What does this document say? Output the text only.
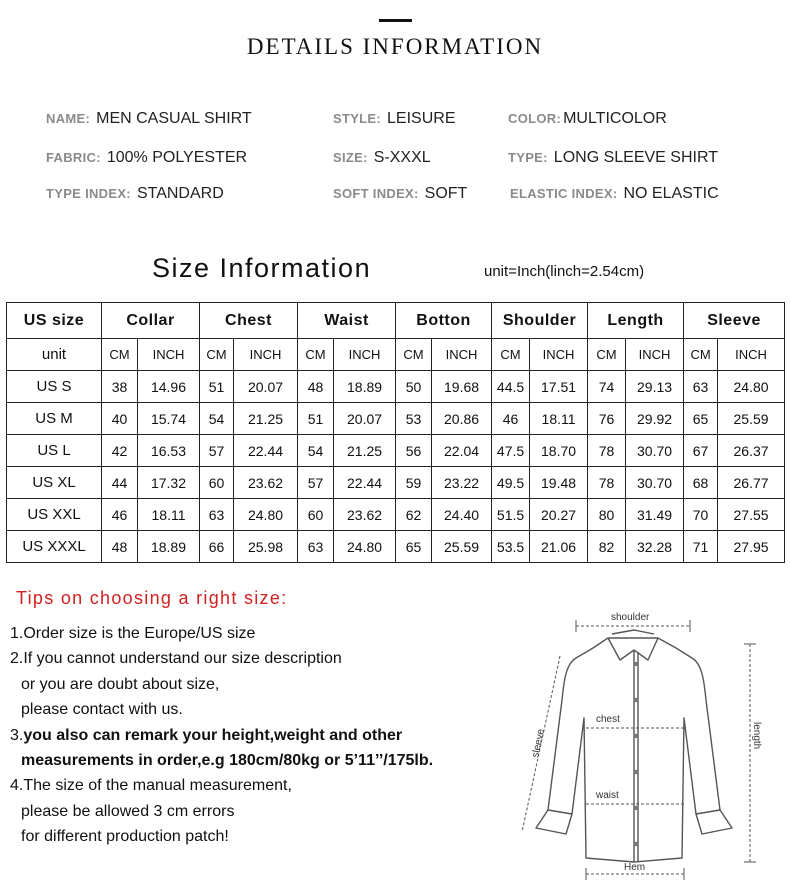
DETAILS INFORMATION
NAME: MEN CASUAL SHIRT	STYLE: LEISURE	COLOR: MULTICOLOR
FABRIC: 100% POLYESTER	SIZE: S-XXXL	TYPE: LONG SLEEVE SHIRT
TYPE INDEX: STANDARD	SOFT INDEX: SOFT	ELASTIC INDEX: NO ELASTIC
Size Information	unit=Inch(linch=2.54cm)
US size	Collar		Chest		Waist		Botton		Shoulder		Length		Sleeve	
unit	CM	INCH	CM	INCH	CM	INCH	CM	INCH	CM	INCH	CM	INCH	CM	INCH
US S	38	14.96	51	20.07	48	18.89	50	19.68	44.5	17.51	74	29.13	63	24.80
US M	40	15.74	54	21.25	51	20.07	53	20.86	46	18.11	76	29.92	65	25.59
US L	42	16.53	57	22.44	54	21.25	56	22.04	47.5	18.70	78	30.70	67	26.37
US XL	44	17.32	60	23.62	57	22.44	59	23.22	49.5	19.48	78	30.70	68	26.77
US XXL	46	18.11	63	24.80	60	23.62	62	24.40	51.5	20.27	80	31.49	70	27.55
US XXXL	48	18.89	66	25.98	63	24.80	65	25.59	53.5	21.06	82	32.28	71	27.95
Tips on choosing a right size:
1.Order size is the Europe/US size
2.If you cannot understand our size description
or you are doubt about size,
please contact with us.
3.you also can remark your height,weight and other
measurements in order,e.g 180cm/80kg or 5’11’’/175lb.
4.The size of the manual measurement,
please be allowed 3 cm errors
for different production patch!
shoulder
chest
waist
Hem
sleeve	length
